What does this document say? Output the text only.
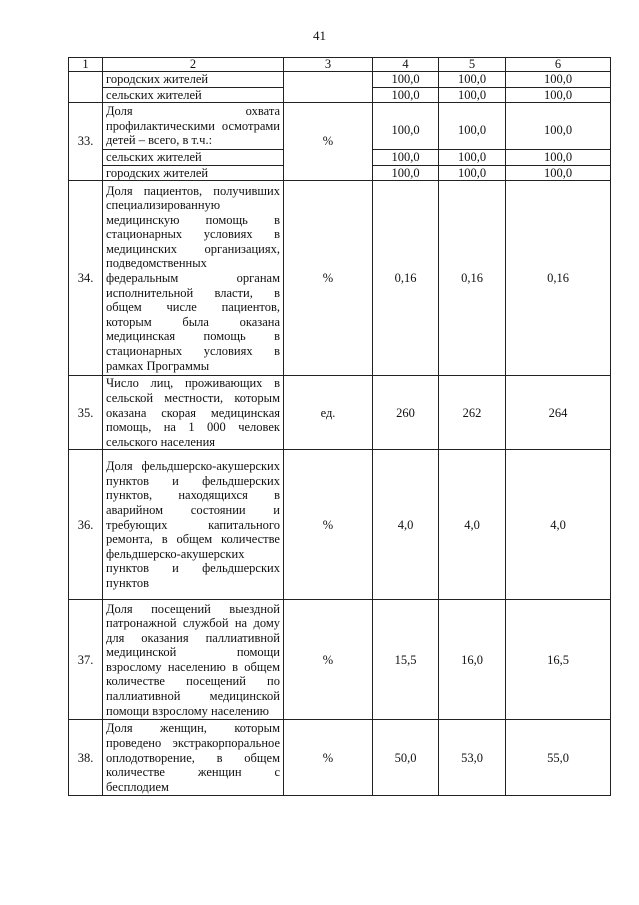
41
1	2	3	4	5	6
	городских жителей		100,0	100,0	100,0
	сельских жителей		100,0	100,0	100,0
33.	Доля охвата профилактическими осмотрами детей – всего, в т.ч.:	%	100,0	100,0	100,0
	сельских жителей		100,0	100,0	100,0
	городских жителей		100,0	100,0	100,0
34.	Доля пациентов, получивших специализированную медицинскую помощь в стационарных условиях в медицинских организациях, подведомственных федеральным органам исполнительной власти, в общем числе пациентов, которым была оказана медицинская помощь в стационарных условиях в рамках Программы	%	0,16	0,16	0,16
35.	Число лиц, проживающих в сельской местности, которым оказана скорая медицинская помощь, на 1 000 человек сельского населения	ед.	260	262	264
36.	Доля фельдшерско-акушерских пунктов и фельдшерских пунктов, находящихся в аварийном состоянии и требующих капитального ремонта, в общем количестве фельдшерско-акушерских пунктов и фельдшерских пунктов	%	4,0	4,0	4,0
37.	Доля посещений выездной патронажной службой на дому для оказания паллиативной медицинской помощи взрослому населению в общем количестве посещений по паллиативной медицинской помощи взрослому населению	%	15,5	16,0	16,5
38.	Доля женщин, которым проведено экстракорпоральное оплодотворение, в общем количестве женщин с бесплодием	%	50,0	53,0	55,0
